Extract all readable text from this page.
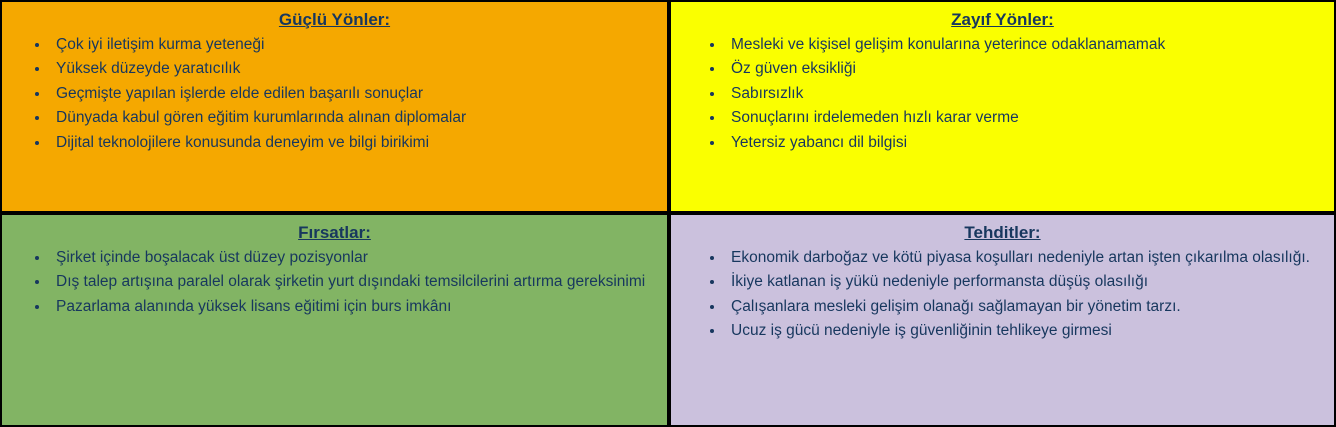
Güçlü Yönler:
• Çok iyi iletişim kurma yeteneği
• Yüksek düzeyde yaratıcılık
• Geçmişte yapılan işlerde elde edilen başarılı sonuçlar
• Dünyada kabul gören eğitim kurumlarında alınan diplomalar
• Dijital teknolojilere konusunda deneyim ve bilgi birikimi
Zayıf Yönler:
• Mesleki ve kişisel gelişim konularına yeterince odaklanamamak
• Öz güven eksikliği
• Sabırsızlık
• Sonuçlarını irdelemeden hızlı karar verme
• Yetersiz yabancı dil bilgisi
Fırsatlar:
• Şirket içinde boşalacak üst düzey pozisyonlar
• Dış talep artışına paralel olarak şirketin yurt dışındaki temsilcilerini artırma gereksinimi
• Pazarlama alanında yüksek lisans eğitimi için burs imkânı
Tehditler:
• Ekonomik darboğaz ve kötü piyasa koşulları nedeniyle artan işten çıkarılma olasılığı.
• İkiye katlanan iş yükü nedeniyle performansta düşüş olasılığı
• Çalışanlara mesleki gelişim olanağı sağlamayan bir yönetim tarzı.
• Ucuz iş gücü nedeniyle iş güvenliğinin tehlikeye girmesi
